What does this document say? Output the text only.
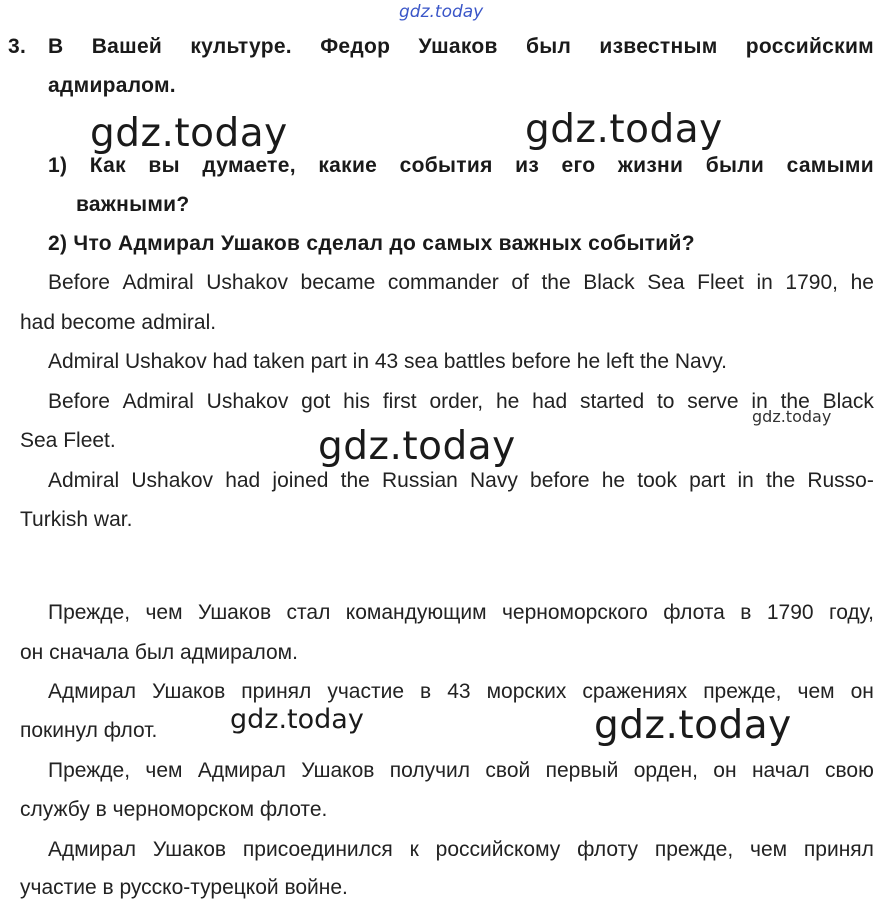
gdz.today
gdz.today	gdz.today
gdz.today
gdz.today
gdz.today	gdz.today
3. В Вашей культуре. Федор Ушаков был известным российским
адмиралом.
1) Как вы думаете, какие события из его жизни были самыми
важными?
2) Что Адмирал Ушаков сделал до самых важных событий?
Before Admiral Ushakov became commander of the Black Sea Fleet in 1790, he
had become admiral.
Admiral Ushakov had taken part in 43 sea battles before he left the Navy.
Before Admiral Ushakov got his first order, he had started to serve in the Black
Sea Fleet.
Admiral Ushakov had joined the Russian Navy before he took part in the Russo-
Turkish war.
Прежде, чем Ушаков стал командующим черноморского флота в 1790 году,
он сначала был адмиралом.
Адмирал Ушаков принял участие в 43 морских сражениях прежде, чем он
покинул флот.
Прежде, чем Адмирал Ушаков получил свой первый орден, он начал свою
службу в черноморском флоте.
Адмирал Ушаков присоединился к российскому флоту прежде, чем принял
участие в русско-турецкой войне.
